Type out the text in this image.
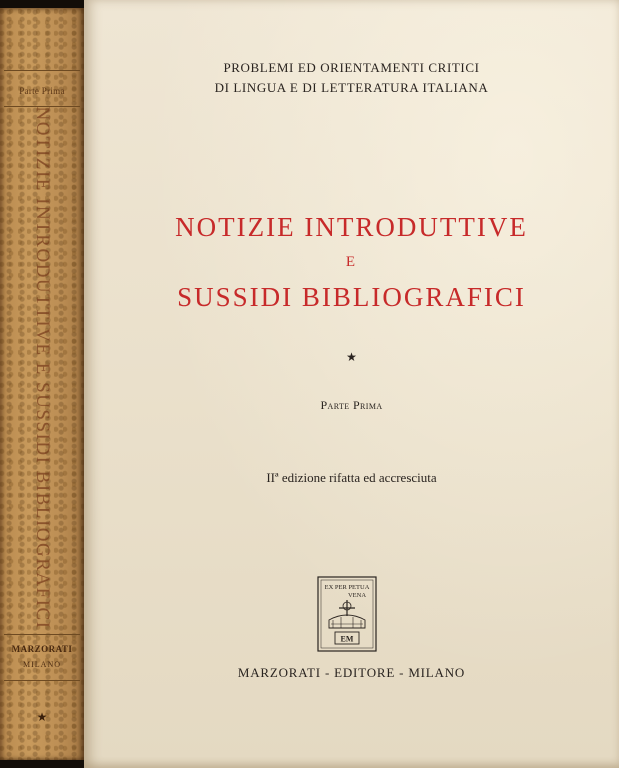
Parte Prima
NOTIZIE INTRODUTTIVE E SUSSIDI BIBLIOGRAFICI
MARZORATI
MILANO
★
PROBLEMI ED ORIENTAMENTI CRITICI
DI LINGUA E DI LETTERATURA ITALIANA
NOTIZIE INTRODUTTIVE
E
SUSSIDI BIBLIOGRAFICI
★
Parte Prima
IIª edizione rifatta ed accresciuta
EX PER PETUA
VENA
EM
MARZORATI - EDITORE - MILANO
